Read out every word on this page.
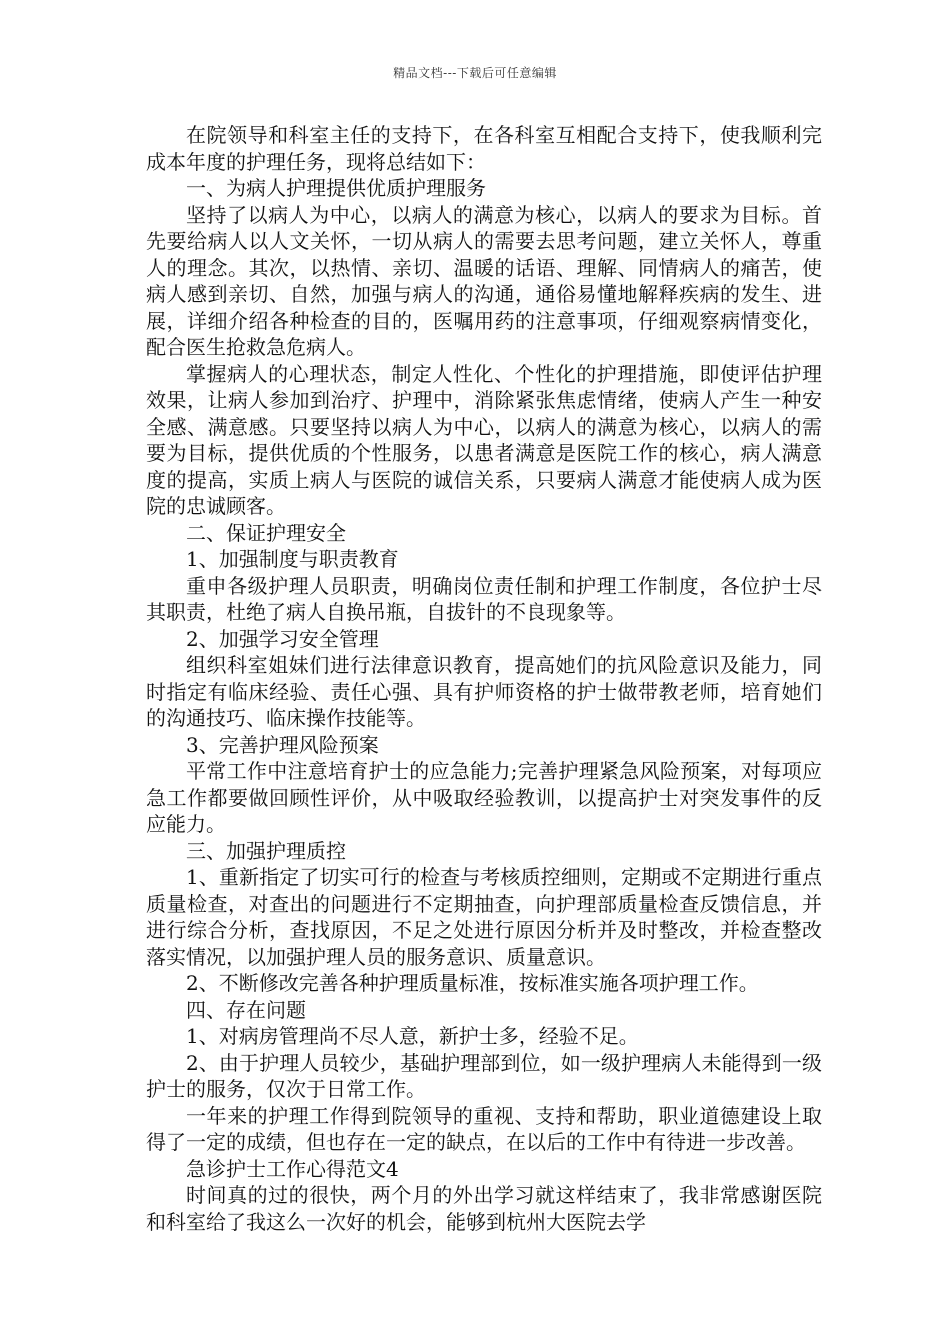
精品文档---下载后可任意编辑

在院领导和科室主任的支持下，在各科室互相配合支持下，使我顺利完成本年度的护理任务，现将总结如下：

一、为病人护理提供优质护理服务

坚持了以病人为中心，以病人的满意为核心，以病人的要求为目标。首先要给病人以人文关怀，一切从病人的需要去思考问题，建立关怀人，尊重人的理念。其次，以热情、亲切、温暖的话语、理解、同情病人的痛苦，使病人感到亲切、自然，加强与病人的沟通，通俗易懂地解释疾病的发生、进展，详细介绍各种检查的目的，医嘱用药的注意事项，仔细观察病情变化，配合医生抢救急危病人。

掌握病人的心理状态，制定人性化、个性化的护理措施，即使评估护理效果，让病人参加到治疗、护理中，消除紧张焦虑情绪，使病人产生一种安全感、满意感。只要坚持以病人为中心，以病人的满意为核心，以病人的需要为目标，提供优质的个性服务，以患者满意是医院工作的核心，病人满意度的提高，实质上病人与医院的诚信关系，只要病人满意才能使病人成为医院的忠诚顾客。

二、保证护理安全

1、加强制度与职责教育

重申各级护理人员职责，明确岗位责任制和护理工作制度，各位护士尽其职责，杜绝了病人自换吊瓶，自拔针的不良现象等。

2、加强学习安全管理

组织科室姐妹们进行法律意识教育，提高她们的抗风险意识及能力，同时指定有临床经验、责任心强、具有护师资格的护士做带教老师，培育她们的沟通技巧、临床操作技能等。

3、完善护理风险预案

平常工作中注意培育护士的应急能力;完善护理紧急风险预案，对每项应急工作都要做回顾性评价，从中吸取经验教训，以提高护士对突发事件的反应能力。

三、加强护理质控

1、重新指定了切实可行的检查与考核质控细则，定期或不定期进行重点质量检查，对查出的问题进行不定期抽查，向护理部质量检查反馈信息，并进行综合分析，查找原因，不足之处进行原因分析并及时整改，并检查整改落实情况，以加强护理人员的服务意识、质量意识。

2、不断修改完善各种护理质量标准，按标准实施各项护理工作。

四、存在问题

1、对病房管理尚不尽人意，新护士多，经验不足。

2、由于护理人员较少，基础护理部到位，如一级护理病人未能得到一级护士的服务，仅次于日常工作。

一年来的护理工作得到院领导的重视、支持和帮助，职业道德建设上取得了一定的成绩，但也存在一定的缺点，在以后的工作中有待进一步改善。

急诊护士工作心得范文4

时间真的过的很快，两个月的外出学习就这样结束了，我非常感谢医院和科室给了我这么一次好的机会，能够到杭州大医院去学
